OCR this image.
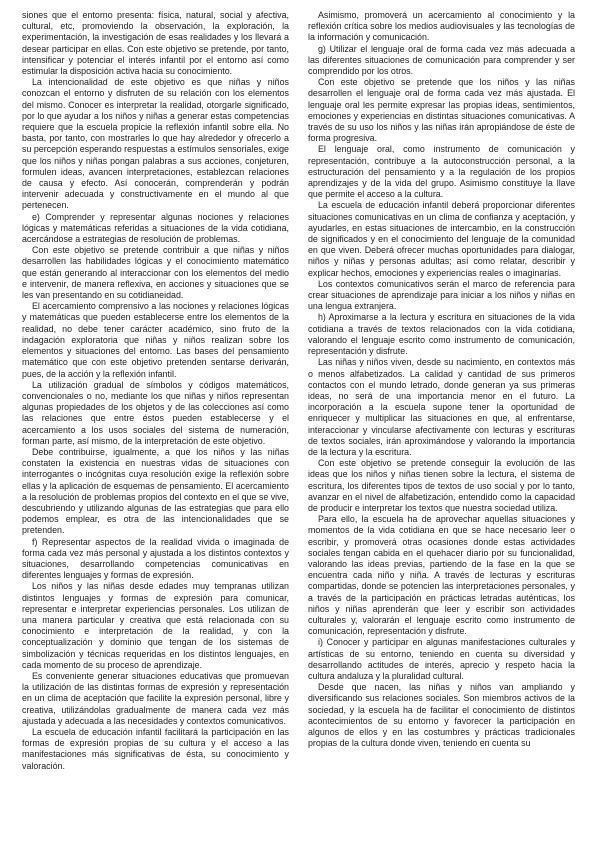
siones que el entorno presenta: física, natural, social y afectiva, cultural, etc, promoviendo la observación, la exploración, la experimentación, la investigación de esas realidades y los llevará a desear participar en ellas. Con este objetivo se pretende, por tanto, intensificar y potenciar el interés infantil por el entorno así como estimular la disposición activa hacia su conocimiento.

La intencionalidad de este objetivo es que niñas y niños conozcan el entorno y disfruten de su relación con los elementos del mismo. Conocer es interpretar la realidad, otorgarle significado, por lo que ayudar a los niños y niñas a generar estas competencias requiere que la escuela propicie la reflexión infantil sobre ella. No basta, por tanto, con mostrarles lo que hay alrededor y ofrecerlo a su percepción esperando respuestas a estímulos sensoriales, exige que los niños y niñas pongan palabras a sus acciones, conjeturen, formulen ideas, avancen interpretaciones, establezcan relaciones de causa y efecto. Así conocerán, comprenderán y podrán intervenir adecuada y constructivamente en el mundo al que pertenecen.

e) Comprender y representar algunas nociones y relaciones lógicas y matemáticas referidas a situaciones de la vida cotidiana, acercándose a estrategias de resolución de problemas.

Con este objetivo se pretende contribuir a que niñas y niños desarrollen las habilidades lógicas y el conocimiento matemático que están generando al interaccionar con los elementos del medio e intervenir, de manera reflexiva, en acciones y situaciones que se les van presentando en su cotidianeidad.

El acercamiento comprensivo a las nociones y relaciones lógicas y matemáticas que pueden establecerse entre los elementos de la realidad, no debe tener carácter académico, sino fruto de la indagación exploratoria que niñas y niños realizan sobre los elementos y situaciones del entorno. Las bases del pensamiento matemático que con este objetivo pretenden sentarse derivarán, pues, de la acción y la reflexión infantil.

La utilización gradual de símbolos y códigos matemáticos, convencionales o no, mediante los que niñas y niños representan algunas propiedades de los objetos y de las colecciones así como las relaciones que entre éstos pueden establecerse y el acercamiento a los usos sociales del sistema de numeración, forman parte, así mismo, de la interpretación de este objetivo.

Debe contribuirse, igualmente, a que los niños y las niñas constaten la existencia en nuestras vidas de situaciones con interrogantes o incógnitas cuya resolución exige la reflexión sobre ellas y la aplicación de esquemas de pensamiento. El acercamiento a la resolución de problemas propios del contexto en el que se vive, descubriendo y utilizando algunas de las estrategias que para ello podemos emplear, es otra de las intencionalidades que se pretenden.

f) Representar aspectos de la realidad vivida o imaginada de forma cada vez más personal y ajustada a los distintos contextos y situaciones, desarrollando competencias comunicativas en diferentes lenguajes y formas de expresión.

Los niños y las niñas desde edades muy tempranas utilizan distintos lenguajes y formas de expresión para comunicar, representar e interpretar experiencias personales. Los utilizan de una manera particular y creativa que está relacionada con su conocimiento e interpretación de la realidad, y con la conceptualización y dominio que tengan de los sistemas de simbolización y técnicas requeridas en los distintos lenguajes, en cada momento de su proceso de aprendizaje.

Es conveniente generar situaciones educativas que promuevan la utilización de las distintas formas de expresión y representación en un clima de aceptación que facilite la expresión personal, libre y creativa, utilizándolas gradualmente de manera cada vez más ajustada y adecuada a las necesidades y contextos comunicativos.

La escuela de educación infantil facilitará la participación en las formas de expresión propias de su cultura y el acceso a las manifestaciones más significativas de ésta, su conocimiento y valoración.

Asimismo, promoverá un acercamiento al conocimiento y la reflexión crítica sobre los medios audiovisuales y las tecnologías de la información y comunicación.

g) Utilizar el lenguaje oral de forma cada vez más adecuada a las diferentes situaciones de comunicación para comprender y ser comprendido por los otros.

Con este objetivo se pretende que los niños y las niñas desarrollen el lenguaje oral de forma cada vez más ajustada. El lenguaje oral les permite expresar las propias ideas, sentimientos, emociones y experiencias en distintas situaciones comunicativas. A través de su uso los niños y las niñas irán apropiándose de éste de forma progresiva.

El lenguaje oral, como instrumento de comunicación y representación, contribuye a la autoconstrucción personal, a la estructuración del pensamiento y a la regulación de los propios aprendizajes y de la vida del grupo. Asimismo constituye la llave que permite el acceso a la cultura.

La escuela de educación infantil deberá proporcionar diferentes situaciones comunicativas en un clima de confianza y aceptación, y ayudarles, en estas situaciones de intercambio, en la construcción de significados y en el conocimiento del lenguaje de la comunidad en que viven. Deberá ofrecer muchas oportunidades para dialogar, niños y niñas y personas adultas; así como relatar, describir y explicar hechos, emociones y experiencias reales o imaginarias.

Los contextos comunicativos serán el marco de referencia para crear situaciones de aprendizaje para iniciar a los niños y niñas en una lengua extranjera.

h) Aproximarse a la lectura y escritura en situaciones de la vida cotidiana a través de textos relacionados con la vida cotidiana, valorando el lenguaje escrito como instrumento de comunicación, representación y disfrute.

Las niñas y niños viven, desde su nacimiento, en contextos más o menos alfabetizados. La calidad y cantidad de sus primeros contactos con el mundo letrado, donde generan ya sus primeras ideas, no será de una importancia menor en el futuro. La incorporación a la escuela supone tener la oportunidad de enriquecer y multiplicar las situaciones en que, al enfrentarse, interaccionar y vincularse afectivamente con lecturas y escrituras de textos sociales, irán aproximándose y valorando la importancia de la lectura y la escritura.

Con este objetivo se pretende conseguir la evolución de las ideas que los niños y niñas tienen sobre la lectura, el sistema de escritura, los diferentes tipos de textos de uso social y por lo tanto, avanzar en el nivel de alfabetización, entendido como la capacidad de producir e interpretar los textos que nuestra sociedad utiliza.

Para ello, la escuela ha de aprovechar aquellas situaciones y momentos de la vida cotidiana en que se hace necesario leer o escribir, y promoverá otras ocasiones donde estas actividades sociales tengan cabida en el quehacer diario por su funcionalidad, valorando las ideas previas, partiendo de la fase en la que se encuentra cada niño y niña. A través de lecturas y escrituras compartidas, donde se potencien las interpretaciones personales, y a través de la participación en prácticas letradas auténticas, los niños y niñas aprenderán que leer y escribir son actividades culturales y, valorarán el lenguaje escrito como instrumento de comunicación, representación y disfrute.

i) Conocer y participar en algunas manifestaciones culturales y artísticas de su entorno, teniendo en cuenta su diversidad y desarrollando actitudes de interés, aprecio y respeto hacia la cultura andaluza y la pluralidad cultural.

Desde que nacen, las niñas y niños van ampliando y diversificando sus relaciones sociales. Son miembros activos de la sociedad, y la escuela ha de facilitar el conocimiento de distintos acontecimientos de su entorno y favorecer la participación en algunos de ellos y en las costumbres y prácticas tradicionales propias de la cultura donde viven, teniendo en cuenta su
